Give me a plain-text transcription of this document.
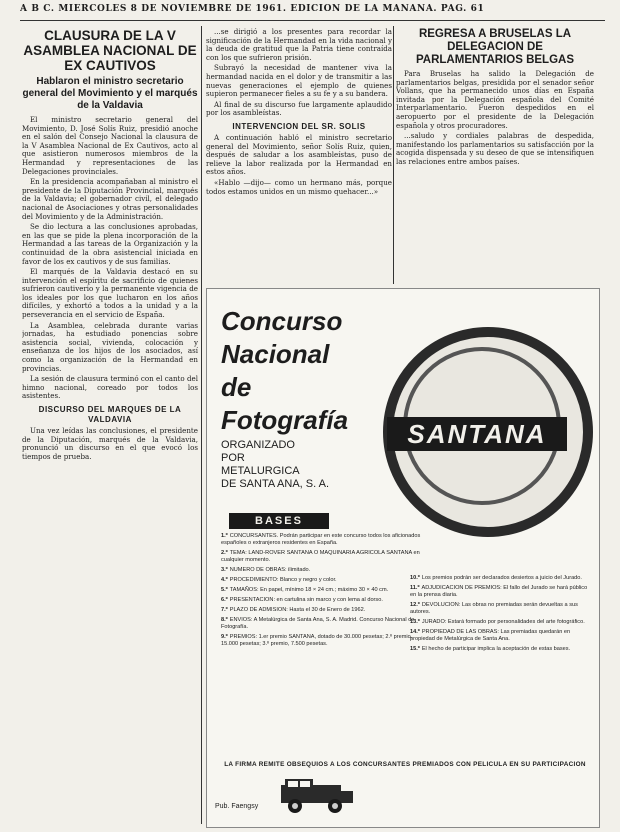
A B C. MIERCOLES 8 DE NOVIEMBRE DE 1961. EDICION DE LA MAÑANA. PAG. 61
CLAUSURA DE LA V ASAMBLEA NACIONAL DE EX CAUTIVOS
Hablaron el ministro secretario general del Movimiento y el marqués de la Valdavia

El ministro secretario general del Movimiento, D. José Solís Ruiz, presidió anoche en el salón del Consejo Nacional la clausura de la V Asamblea Nacional de Ex Cautivos, acto al que asistieron numerosos miembros de la Hermandad y representaciones de las Delegaciones provinciales.

En la presidencia acompañaban al ministro el presidente de la Diputación Provincial, marqués de la Valdavia; el gobernador civil, el delegado nacional de Asociaciones y otras personalidades del Movimiento y de la Administración.

Se dio lectura a las conclusiones aprobadas, en las que se pide la plena incorporación de la Hermandad a las tareas de la Organización y la continuidad de la obra asistencial iniciada en favor de los ex cautivos y de sus familias.

El marqués de la Valdavia destacó en su intervención el espíritu de sacrificio de quienes sufrieron cautiverio y la permanente vigencia de los ideales por los que lucharon en los años difíciles, y exhortó a todos a la unidad y a la perseverancia en el servicio de España.

La Asamblea, celebrada durante varias jornadas, ha estudiado ponencias sobre asistencia social, vivienda, colocación y enseñanza de los hijos de los asociados, así como la organización de la Hermandad en provincias.

La sesión de clausura terminó con el canto del himno nacional, coreado por todos los asistentes.

DISCURSO DEL MARQUES DE LA VALDAVIA

Una vez leídas las conclusiones, el presidente de la Diputación, marqués de la Valdavia, pronunció un discurso en el que evocó los tiempos de prueba.

...se dirigió a los presentes para recordar la significación de la Hermandad en la vida nacional y la deuda de gratitud que la Patria tiene contraída con los que sufrieron prisión.

Subrayó la necesidad de mantener viva la hermandad nacida en el dolor y de transmitir a las nuevas generaciones el ejemplo de quienes supieron permanecer fieles a su fe y a su bandera.

Al final de su discurso fue largamente aplaudido por los asambleístas.

INTERVENCION DEL SR. SOLIS

A continuación habló el ministro secretario general del Movimiento, señor Solís Ruiz, quien, después de saludar a los asambleístas, puso de relieve la labor realizada por la Hermandad en estos años.

«Hablo —dijo— como un hermano más, porque todos estamos unidos en un mismo quehacer...»

REGRESA A BRUSELAS LA DELEGACION DE PARLAMENTARIOS BELGAS

Para Bruselas ha salido la Delegación de parlamentarios belgas, presidida por el senador señor Vollans, que ha permanecido unos días en España invitada por la Delegación española del Comité Interparlamentario. Fueron despedidos en el aeropuerto por el presidente de la Delegación española y otros procuradores.

...saludo y cordiales palabras de despedida, manifestando los parlamentarios su satisfacción por la acogida dispensada y su deseo de que se intensifiquen las relaciones entre ambos países.

SANTANA
Concurso
Nacional
de
Fotografía
ORGANIZADO
POR
METALURGICA
DE SANTA ANA, S. A.
BASES
1.º CONCURSANTES. Podrán participar en este concurso todos los aficionados españoles o extranjeros residentes en España.
2.º TEMA: LAND-ROVER SANTANA O MAQUINARIA AGRICOLA SANTANA en cualquier momento.
3.º NUMERO DE OBRAS: ilimitado.
4.º PROCEDIMIENTO: Blanco y negro y color.
5.º TAMAÑOS: En papel, mínimo 18 × 24 cm.; máximo 30 × 40 cm.
6.º PRESENTACION: en cartulina sin marco y con lema al dorso.
7.º PLAZO DE ADMISION: Hasta el 30 de Enero de 1962.
8.º ENVIOS: A Metalúrgica de Santa Ana, S. A. Madrid. Concurso Nacional de Fotografía.
9.º PREMIOS: 1.er premio SANTANA, dotado de 30.000 pesetas; 2.º premio, 15.000 pesetas; 3.º premio, 7.500 pesetas.
10.º Los premios podrán ser declarados desiertos a juicio del Jurado.
11.º ADJUDICACION DE PREMIOS: El fallo del Jurado se hará público en la prensa diaria.
12.º DEVOLUCION: Las obras no premiadas serán devueltas a sus autores.
13.º JURADO: Estará formado por personalidades del arte fotográfico.
14.º PROPIEDAD DE LAS OBRAS: Las premiadas quedarán en propiedad de Metalúrgica de Santa Ana.
15.º El hecho de participar implica la aceptación de estas bases.
LA FIRMA REMITE OBSEQUIOS A LOS CONCURSANTES PREMIADOS CON PELICULA EN SU PARTICIPACION
Pub. Faengsy
